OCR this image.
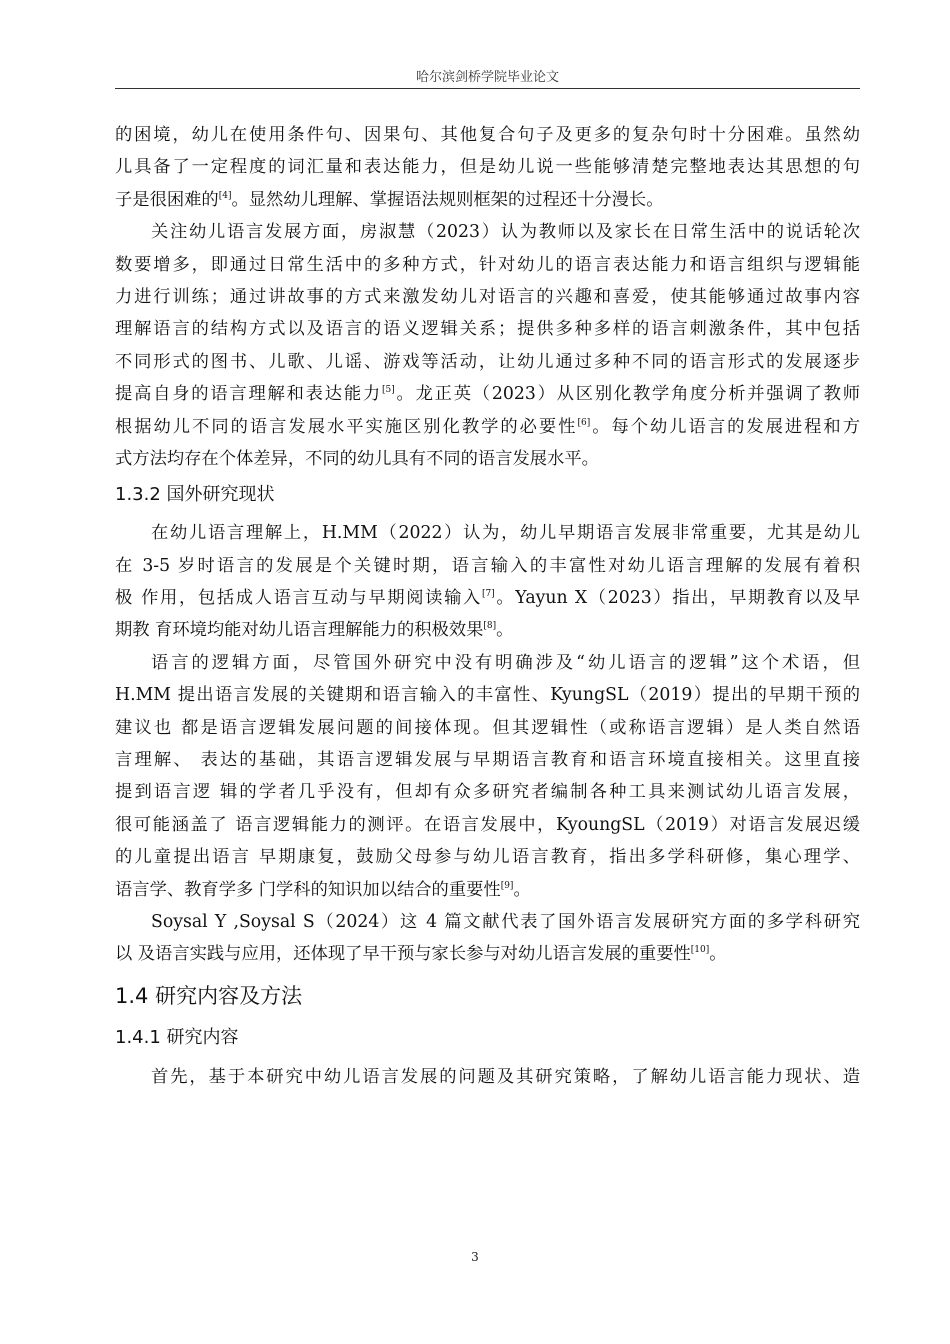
哈尔滨剑桥学院毕业论文
的困境，幼儿在使用条件句、因果句、其他复合句子及更多的复杂句时十分困难。虽然幼
儿具备了一定程度的词汇量和表达能力，但是幼儿说一些能够清楚完整地表达其思想的句
子是很困难的[4]。显然幼儿理解、掌握语法规则框架的过程还十分漫长。
关注幼儿语言发展方面，房淑慧（2023）认为教师以及家长在日常生活中的说话轮次
数要增多，即通过日常生活中的多种方式，针对幼儿的语言表达能力和语言组织与逻辑能
力进行训练；通过讲故事的方式来激发幼儿对语言的兴趣和喜爱，使其能够通过故事内容
理解语言的结构方式以及语言的语义逻辑关系；提供多种多样的语言刺激条件，其中包括
不同形式的图书、儿歌、儿谣、游戏等活动，让幼儿通过多种不同的语言形式的发展逐步
提高自身的语言理解和表达能力[5]。龙正英（2023）从区别化教学角度分析并强调了教师
根据幼儿不同的语言发展水平实施区别化教学的必要性[6]。每个幼儿语言的发展进程和方
式方法均存在个体差异，不同的幼儿具有不同的语言发展水平。
1.3.2 国外研究现状
在幼儿语言理解上，H.MM（2022）认为，幼儿早期语言发展非常重要，尤其是幼儿
在 3-5 岁时语言的发展是个关键时期，语言输入的丰富性对幼儿语言理解的发展有着积
极 作用，包括成人语言互动与早期阅读输入[7]。Yayun X（2023）指出，早期教育以及早
期教 育环境均能对幼儿语言理解能力的积极效果[8]。
语言的逻辑方面，尽管国外研究中没有明确涉及“幼儿语言的逻辑”这个术语，但
H.MM 提出语言发展的关键期和语言输入的丰富性、KyungSL（2019）提出的早期干预的
建议也 都是语言逻辑发展问题的间接体现。但其逻辑性（或称语言逻辑）是人类自然语
言理解、 表达的基础，其语言逻辑发展与早期语言教育和语言环境直接相关。这里直接
提到语言逻 辑的学者几乎没有，但却有众多研究者编制各种工具来测试幼儿语言发展，
很可能涵盖了 语言逻辑能力的测评。在语言发展中，KyoungSL（2019）对语言发展迟缓
的儿童提出语言 早期康复，鼓励父母参与幼儿语言教育，指出多学科研修，集心理学、
语言学、教育学多 门学科的知识加以结合的重要性[9]。
Soysal Y ,Soysal S（2024）这 4 篇文献代表了国外语言发展研究方面的多学科研究
以 及语言实践与应用，还体现了早干预与家长参与对幼儿语言发展的重要性[10]。
1.4 研究内容及方法
1.4.1 研究内容
首先，基于本研究中幼儿语言发展的问题及其研究策略，了解幼儿语言能力现状、造
3
